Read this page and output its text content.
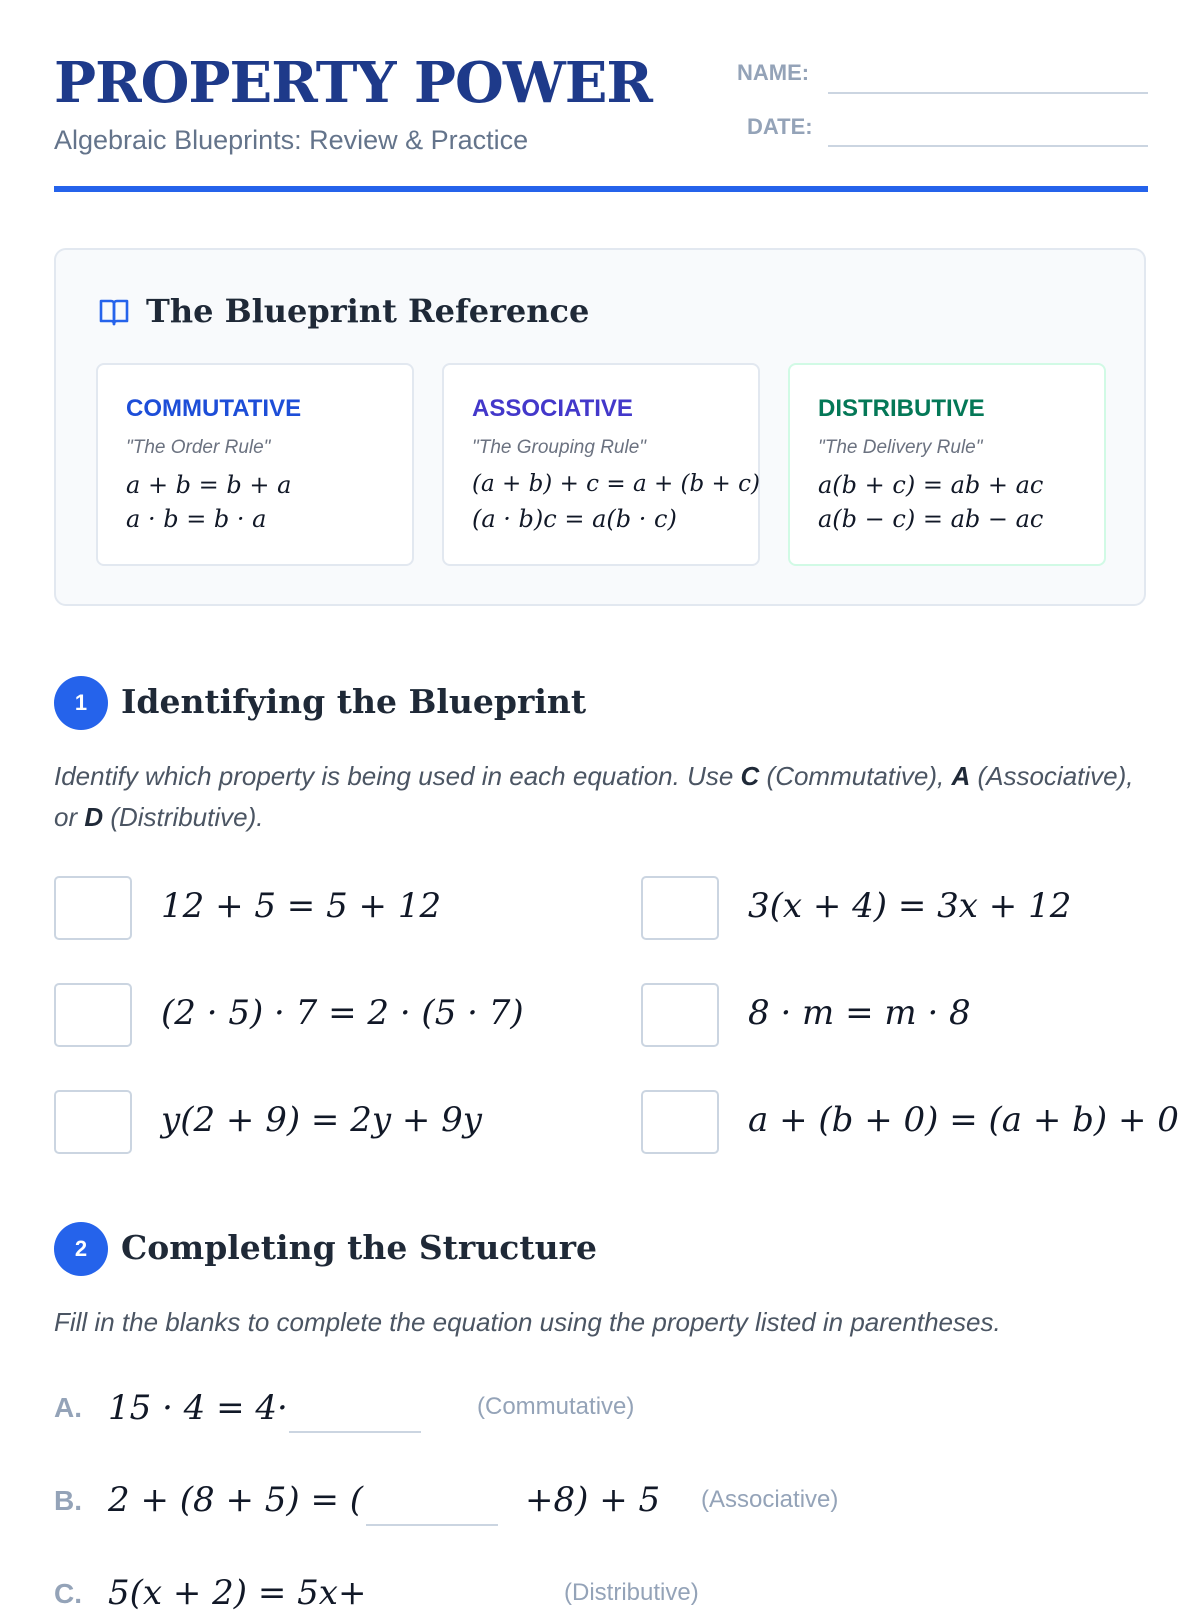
PROPERTY POWER
Algebraic Blueprints: Review & Practice
NAME:
DATE:
The Blueprint Reference
COMMUTATIVE
"The Order Rule"
a + b = b + a
a · b = b · a
ASSOCIATIVE
"The Grouping Rule"
(a + b) + c = a + (b + c)
(a · b)c = a(b · c)
DISTRIBUTIVE
"The Delivery Rule"
a(b + c) = ab + ac
a(b − c) = ab − ac
1	Identifying the Blueprint
Identify which property is being used in each equation. Use C (Commutative), A (Associative), or D (Distributive).
12 + 5 = 5 + 12	3(x + 4) = 3x + 12
(2 · 5) · 7 = 2 · (5 · 7)	8 · m = m · 8
y(2 + 9) = 2y + 9y	a + (b + 0) = (a + b) + 0
2	Completing the Structure
Fill in the blanks to complete the equation using the property listed in parentheses.
A. 15 · 4 = 4·	(Commutative)
B. 2 + (8 + 5) = (	+8) + 5 (Associative)
C. 5(x + 2) = 5x+	(Distributive)
